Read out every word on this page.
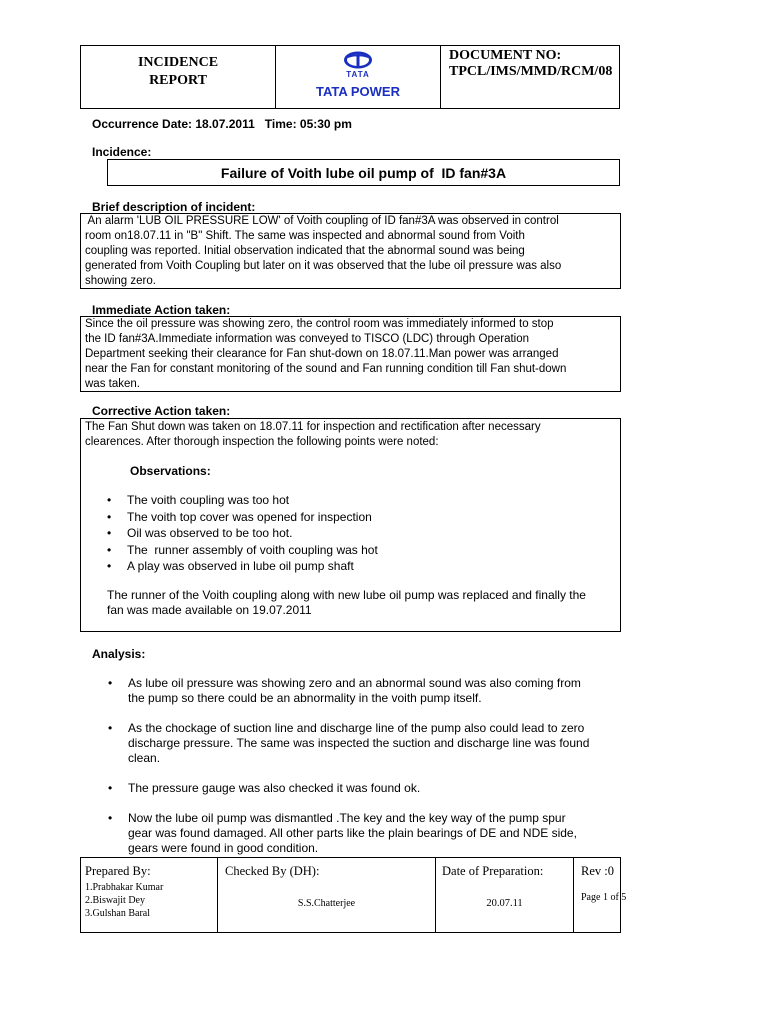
INCIDENCE
REPORT	TATA
TATA POWER
DOCUMENT NO:
TPCL/IMS/MMD/RCM/08
Occurrence Date: 18.07.2011   Time: 05:30 pm
Incidence:
Failure of Voith lube oil pump of  ID fan#3A
Brief description of incident:
An alarm 'LUB OIL PRESSURE LOW' of Voith coupling of ID fan#3A was observed in control
room on18.07.11 in "B" Shift. The same was inspected and abnormal sound from Voith
coupling was reported. Initial observation indicated that the abnormal sound was being
generated from Voith Coupling but later on it was observed that the lube oil pressure was also
showing zero.
Immediate Action taken:
Since the oil pressure was showing zero, the control room was immediately informed to stop
the ID fan#3A.Immediate information was conveyed to TISCO (LDC) through Operation
Department seeking their clearance for Fan shut-down on 18.07.11.Man power was arranged
near the Fan for constant monitoring of the sound and Fan running condition till Fan shut-down
was taken.
Corrective Action taken:
The Fan Shut down was taken on 18.07.11 for inspection and rectification after necessary
clearences. After thorough inspection the following points were noted:
Observations:
• The voith coupling was too hot
• The voith top cover was opened for inspection
• Oil was observed to be too hot.
• The  runner assembly of voith coupling was hot
• A play was observed in lube oil pump shaft
The runner of the Voith coupling along with new lube oil pump was replaced and finally the
fan was made available on 19.07.2011
Analysis:
• As lube oil pressure was showing zero and an abnormal sound was also coming from
the pump so there could be an abnormality in the voith pump itself.
• As the chockage of suction line and discharge line of the pump also could lead to zero
discharge pressure. The same was inspected the suction and discharge line was found
clean.
• The pressure gauge was also checked it was found ok.
• Now the lube oil pump was dismantled .The key and the key way of the pump spur
gear was found damaged. All other parts like the plain bearings of DE and NDE side,
gears were found in good condition.
Prepared By:
1.Prabhakar Kumar
2.Biswajit Dey
3.Gulshan Baral
Checked By (DH):
S.S.Chatterjee
Date of Preparation:
20.07.11
Rev :0
Page 1 of 5
